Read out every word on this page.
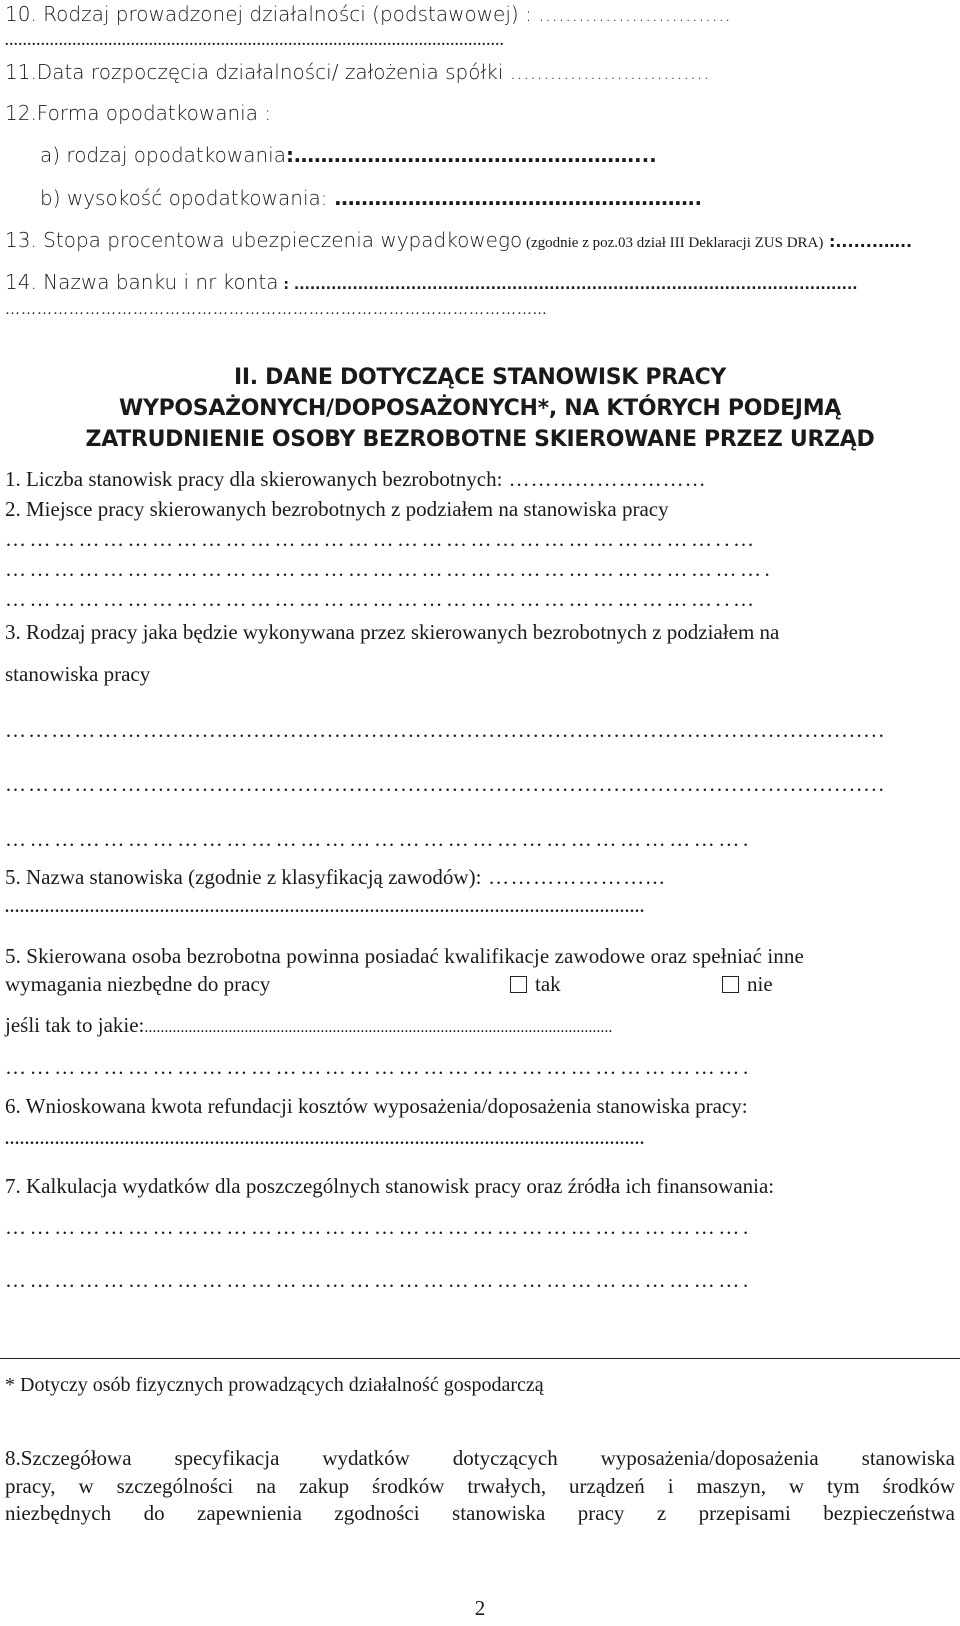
10. Rodzaj prowadzonej działalności (podstawowej) : ………………………..
...............................................................................................................
11.Data rozpoczęcia działalności/ założenia spółki …………………………
12.Forma opodatkowania :
a) rodzaj opodatkowania:……………………………………………...
b) wysokość opodatkowania: ……………………………………………….
13. Stopa procentowa ubezpieczenia wypadkowego (zgodnie z poz.03 dział III Deklaracji ZUS DRA) :........…..
14. Nazwa banku i nr konta : ..........................................................................................................
………………………………………………………………………………………...
II. DANE DOTYCZĄCE STANOWISK PRACY
WYPOSAŻONYCH/DOPOSAŻONYCH*, NA KTÓRYCH PODEJMĄ
ZATRUDNIENIE OSOBY BEZROBOTNE SKIEROWANE PRZEZ URZĄD
1. Liczba stanowisk pracy dla skierowanych bezrobotnych: ………………………
2. Miejsce pracy skierowanych bezrobotnych z podziałem na stanowiska pracy
……………………………………………………………………………..…
………………………………………………………………………………….
……………………………………………………………………………..…
3. Rodzaj pracy jaka będzie wykonywana przez skierowanych bezrobotnych z podziałem na
stanowiska pracy
……………….....................................................................................................
……………….....................................................................................................
……………………………………………………………………………….
5. Nazwa stanowiska (zgodnie z klasyfikacją zawodów): …………………...
................................................................................................................................
5. Skierowana osoba bezrobotna powinna posiadać kwalifikacje zawodowe oraz spełniać inne
wymagania niezbędne do pracy	tak	nie
jeśli tak to jakie:.....................................................................................................................
……………………………………………………………………………….
6. Wnioskowana kwota refundacji kosztów wyposażenia/doposażenia stanowiska pracy:
................................................................................................................................
7. Kalkulacja wydatków dla poszczególnych stanowisk pracy oraz źródła ich finansowania:
……………………………………………………………………………….
……………………………………………………………………………….
* Dotyczy osób fizycznych prowadzących działalność gospodarczą
8.Szczegółowa specyfikacja wydatków dotyczących wyposażenia/doposażenia stanowiska
pracy, w szczególności na zakup środków trwałych, urządzeń i maszyn, w tym środków
niezbędnych do zapewnienia zgodności stanowiska pracy z przepisami bezpieczeństwa
2
